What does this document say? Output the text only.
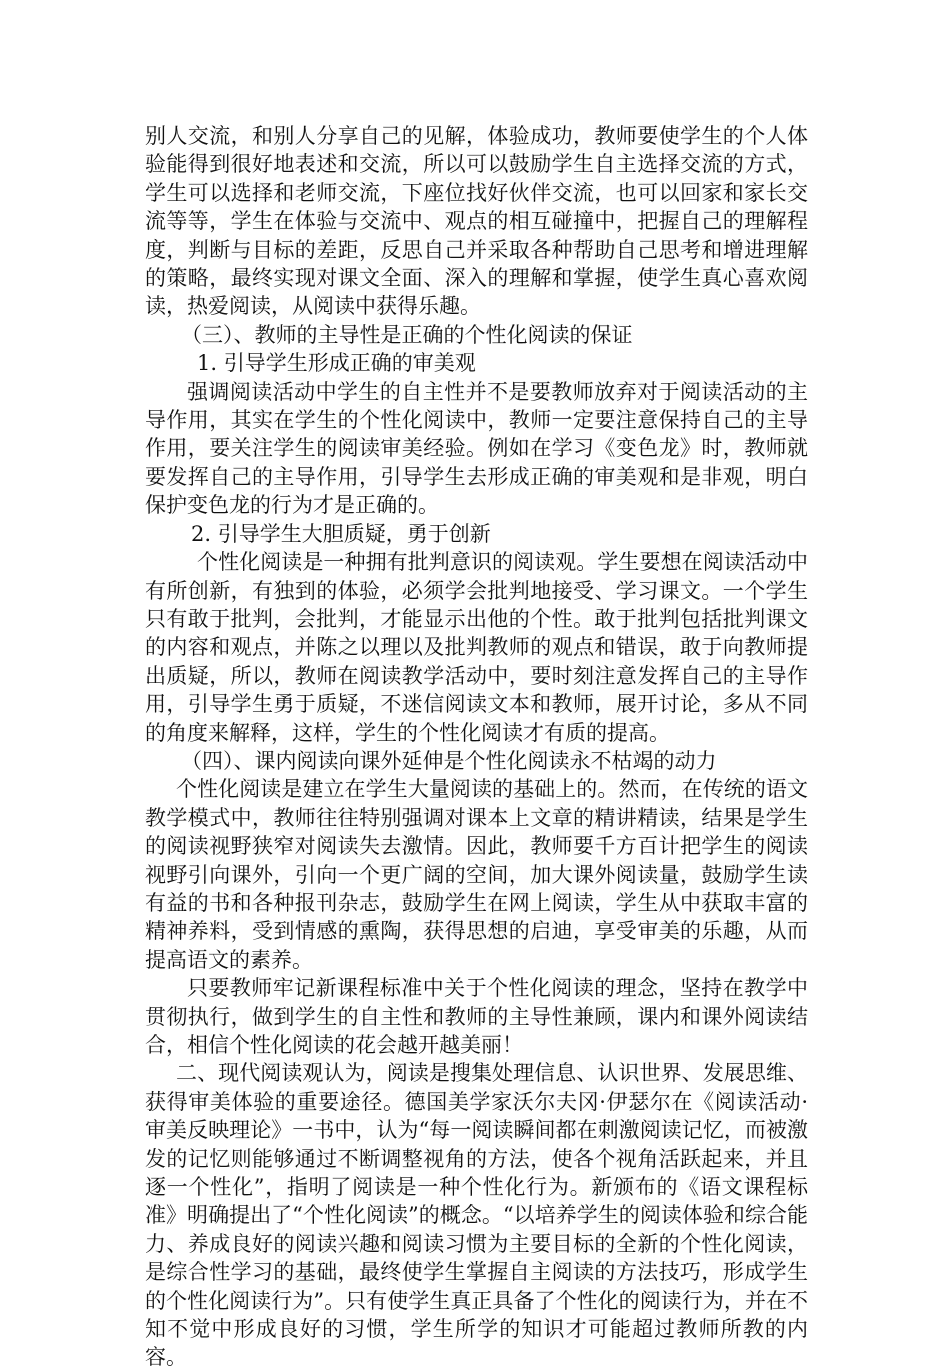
别人交流，和别人分享自己的见解，体验成功，教师要使学生的个人体验能得到很好地表述和交流，所以可以鼓励学生自主选择交流的方式，学生可以选择和老师交流，下座位找好伙伴交流，也可以回家和家长交流等等，学生在体验与交流中、观点的相互碰撞中，把握自己的理解程度，判断与目标的差距，反思自己并采取各种帮助自己思考和增进理解的策略，最终实现对课文全面、深入的理解和掌握，使学生真心喜欢阅读，热爱阅读，从阅读中获得乐趣。

（三）、教师的主导性是正确的个性化阅读的保证

1. 引导学生形成正确的审美观

强调阅读活动中学生的自主性并不是要教师放弃对于阅读活动的主导作用，其实在学生的个性化阅读中，教师一定要注意保持自己的主导作用，要关注学生的阅读审美经验。例如在学习《变色龙》时，教师就要发挥自己的主导作用，引导学生去形成正确的审美观和是非观，明白保护变色龙的行为才是正确的。

2. 引导学生大胆质疑，勇于创新

个性化阅读是一种拥有批判意识的阅读观。学生要想在阅读活动中有所创新，有独到的体验，必须学会批判地接受、学习课文。一个学生只有敢于批判，会批判，才能显示出他的个性。敢于批判包括批判课文的内容和观点，并陈之以理以及批判教师的观点和错误，敢于向教师提出质疑，所以，教师在阅读教学活动中，要时刻注意发挥自己的主导作用，引导学生勇于质疑，不迷信阅读文本和教师，展开讨论，多从不同的角度来解释，这样，学生的个性化阅读才有质的提高。

（四）、课内阅读向课外延伸是个性化阅读永不枯竭的动力

个性化阅读是建立在学生大量阅读的基础上的。然而，在传统的语文教学模式中，教师往往特别强调对课本上文章的精讲精读，结果是学生的阅读视野狭窄对阅读失去激情。因此，教师要千方百计把学生的阅读视野引向课外，引向一个更广阔的空间，加大课外阅读量，鼓励学生读有益的书和各种报刊杂志，鼓励学生在网上阅读，学生从中获取丰富的精神养料，受到情感的熏陶，获得思想的启迪，享受审美的乐趣，从而提高语文的素养。

只要教师牢记新课程标准中关于个性化阅读的理念，坚持在教学中贯彻执行，做到学生的自主性和教师的主导性兼顾，课内和课外阅读结合，相信个性化阅读的花会越开越美丽！

二、现代阅读观认为，阅读是搜集处理信息、认识世界、发展思维、获得审美体验的重要途径。德国美学家沃尔夫冈·伊瑟尔在《阅读活动·审美反映理论》一书中，认为“每一阅读瞬间都在刺激阅读记忆，而被激发的记忆则能够通过不断调整视角的方法，使各个视角活跃起来，并且逐一个性化”，指明了阅读是一种个性化行为。新颁布的《语文课程标准》明确提出了“个性化阅读”的概念。“以培养学生的阅读体验和综合能力、养成良好的阅读兴趣和阅读习惯为主要目标的全新的个性化阅读，是综合性学习的基础，最终使学生掌握自主阅读的方法技巧，形成学生的个性化阅读行为”。只有使学生真正具备了个性化的阅读行为，并在不知不觉中形成良好的习惯，学生所学的知识才可能超过教师所教的内容。
